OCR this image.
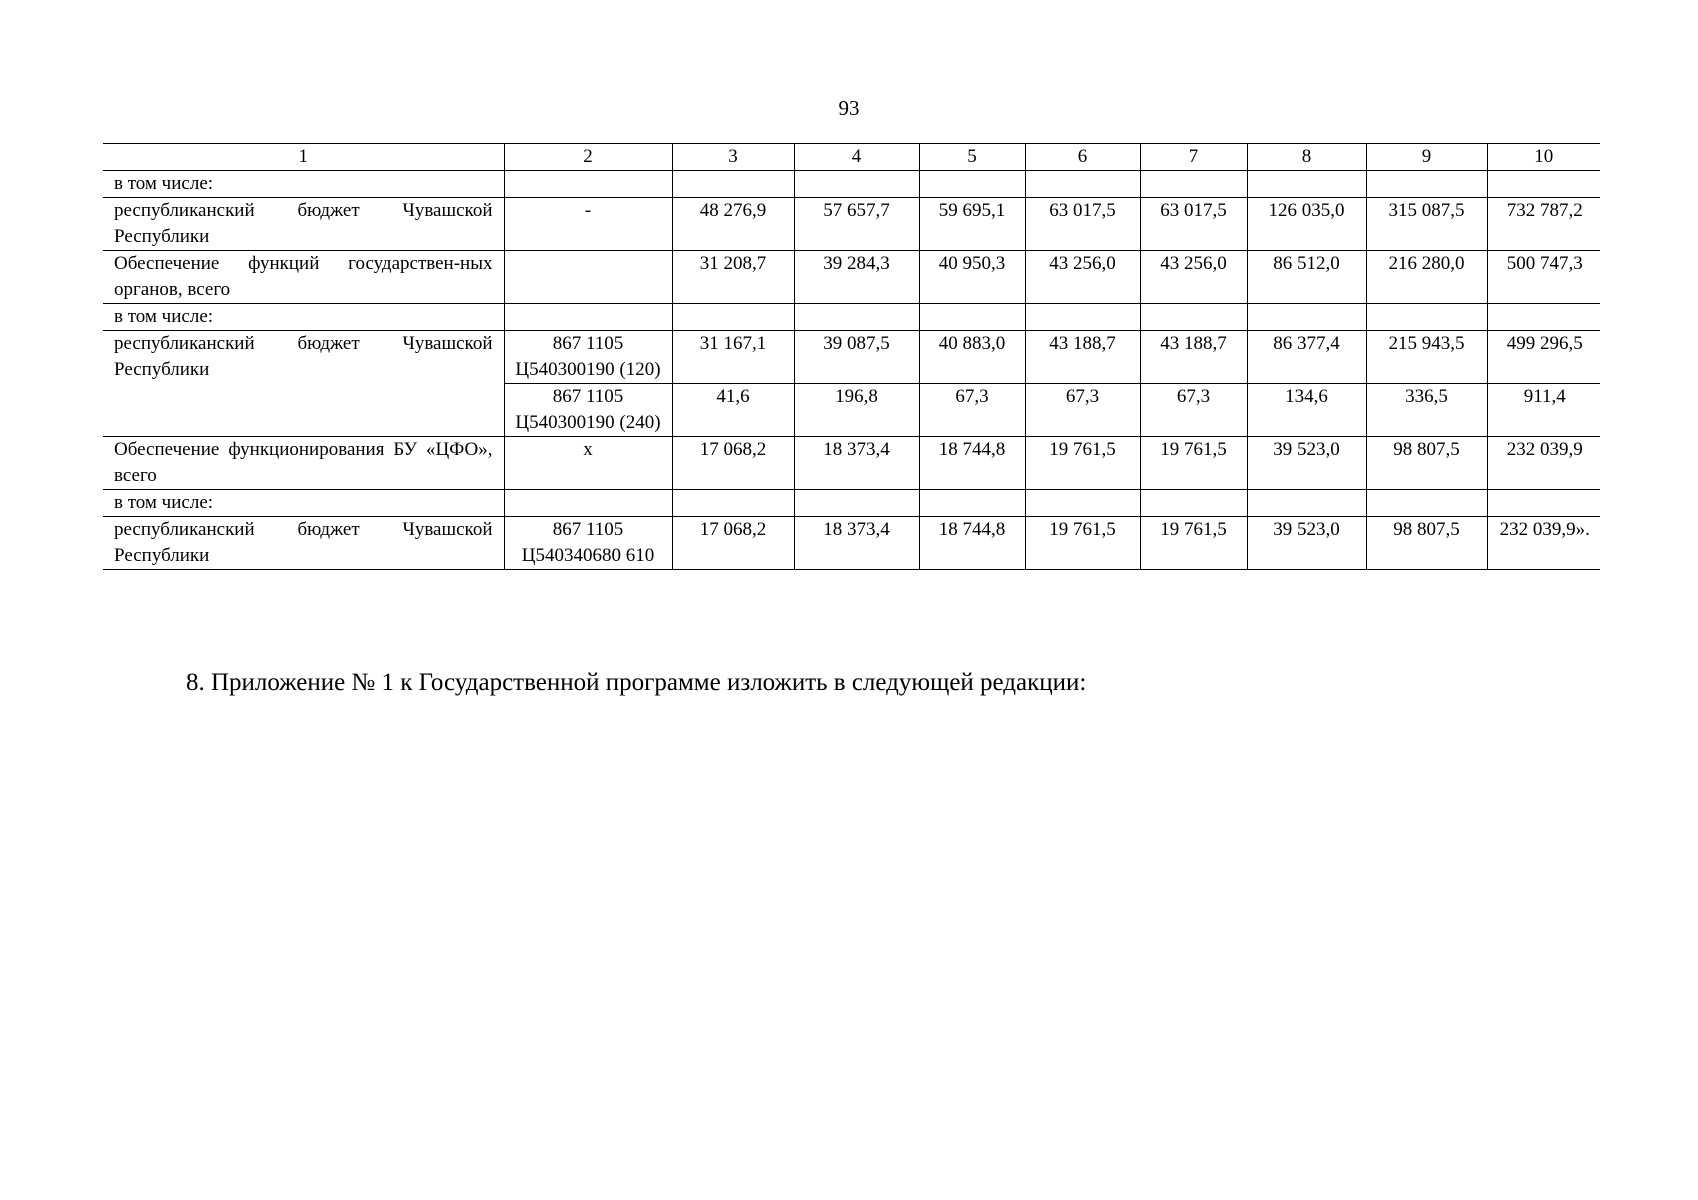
93
1	2	3	4	5	6	7	8	9	10
в том числе:									
республиканский бюджет Чувашской Республики	-	48 276,9	57 657,7	59 695,1	63 017,5	63 017,5	126 035,0	315 087,5	732 787,2
Обеспечение функций государствен-ных органов, всего		31 208,7	39 284,3	40 950,3	43 256,0	43 256,0	86 512,0	216 280,0	500 747,3
в том числе:									
республиканский бюджет Чувашской Республики	867 1105 Ц540300190 (120)	31 167,1	39 087,5	40 883,0	43 188,7	43 188,7	86 377,4	215 943,5	499 296,5
	867 1105 Ц540300190 (240)	41,6	196,8	67,3	67,3	67,3	134,6	336,5	911,4
Обеспечение функционирования БУ «ЦФО», всего	х	17 068,2	18 373,4	18 744,8	19 761,5	19 761,5	39 523,0	98 807,5	232 039,9
в том числе:									
республиканский бюджет Чувашской Республики	867 1105 Ц540340680 610	17 068,2	18 373,4	18 744,8	19 761,5	19 761,5	39 523,0	98 807,5	232 039,9».
8. Приложение № 1 к Государственной программе изложить в следующей редакции:
